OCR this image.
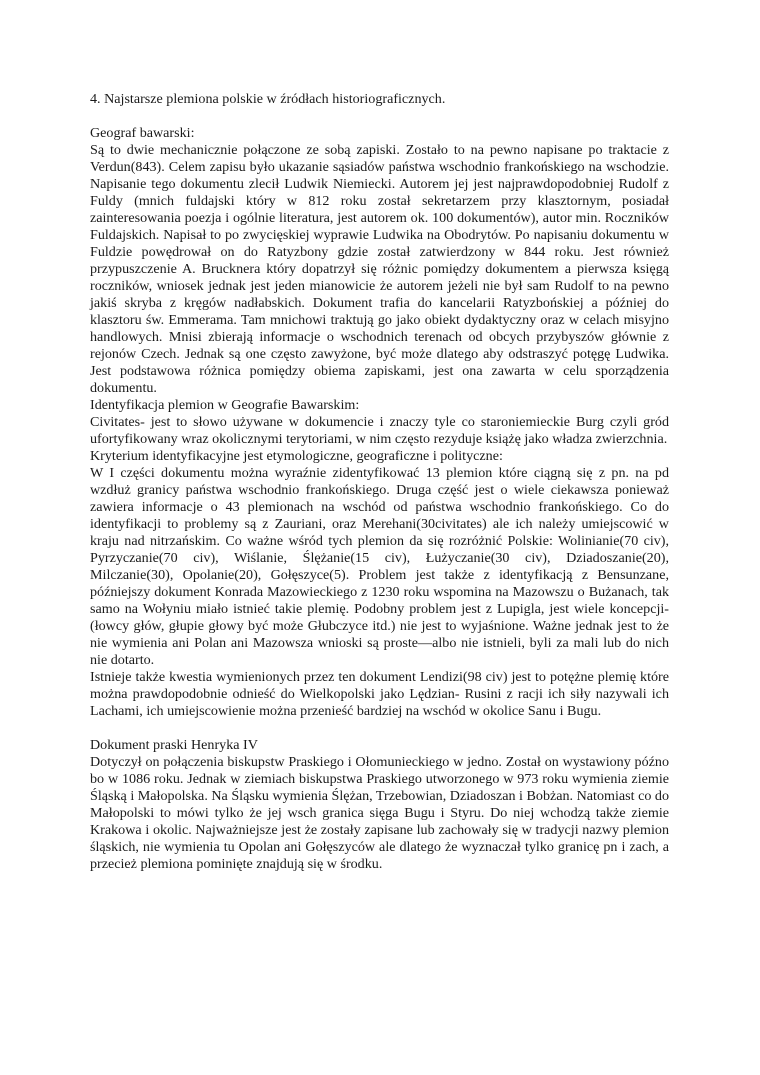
4. Najstarsze plemiona polskie w źródłach historiograficznych.

Geograf bawarski:

Są to dwie mechanicznie połączone ze sobą zapiski. Zostało to na pewno napisane po traktacie z Verdun(843). Celem zapisu było ukazanie sąsiadów państwa wschodnio frankońskiego na wschodzie. Napisanie tego dokumentu zlecił Ludwik Niemiecki. Autorem jej jest najprawdopodobniej Rudolf z Fuldy (mnich fuldajski który w 812 roku został sekretarzem przy klasztornym, posiadał zainteresowania poezja i ogólnie literatura, jest autorem ok. 100 dokumentów), autor min. Roczników Fuldajskich. Napisał to po zwycięskiej wyprawie Ludwika na Obodrytów. Po napisaniu dokumentu w Fuldzie powędrował on do Ratyzbony gdzie został zatwierdzony w 844 roku. Jest również przypuszczenie A. Brucknera który dopatrzył się różnic pomiędzy dokumentem a pierwsza księgą roczników, wniosek jednak jest jeden mianowicie że autorem jeżeli nie był sam Rudolf to na pewno jakiś skryba z kręgów nadłabskich. Dokument trafia do kancelarii Ratyzbońskiej a później do klasztoru św. Emmerama. Tam mnichowi traktują go jako obiekt dydaktyczny oraz w celach misyjno handlowych. Mnisi zbierają informacje o wschodnich terenach od obcych przybyszów głównie z rejonów Czech. Jednak są one często zawyżone, być może dlatego aby odstraszyć potęgę Ludwika. Jest podstawowa różnica pomiędzy obiema zapiskami, jest ona zawarta w celu sporządzenia dokumentu.

Identyfikacja plemion w Geografie Bawarskim:

Civitates- jest to słowo używane w dokumencie i znaczy tyle co staroniemieckie Burg czyli gród ufortyfikowany wraz okolicznymi terytoriami, w nim często rezyduje książę jako władza zwierzchnia.

Kryterium identyfikacyjne jest etymologiczne, geograficzne i polityczne:

W I części dokumentu można wyraźnie zidentyfikować 13 plemion które ciągną się z pn. na pd wzdłuż granicy państwa wschodnio frankońskiego. Druga część jest o wiele ciekawsza ponieważ zawiera informacje o 43 plemionach na wschód od państwa wschodnio frankońskiego. Co do identyfikacji to problemy są z Zauriani, oraz Merehani(30civitates) ale ich należy umiejscowić w kraju nad nitrzańskim. Co ważne wśród tych plemion da się rozróżnić Polskie: Wolinianie(70 civ), Pyrzyczanie(70 civ), Wiślanie, Ślężanie(15 civ), Łużyczanie(30 civ), Dziadoszanie(20), Milczanie(30), Opolanie(20), Gołęszyce(5). Problem jest także z identyfikacją z Bensunzane, późniejszy dokument Konrada Mazowieckiego z 1230 roku wspomina na Mazowszu o Bużanach, tak samo na Wołyniu miało istnieć takie plemię. Podobny problem jest z Lupigla, jest wiele koncepcji-(łowcy głów, głupie głowy być może Głubczyce itd.) nie jest to wyjaśnione. Ważne jednak jest to że nie wymienia ani Polan ani Mazowsza wnioski są proste—albo nie istnieli, byli za mali lub do nich nie dotarto.

Istnieje także kwestia wymienionych przez ten dokument Lendizi(98 civ) jest to potężne plemię które można prawdopodobnie odnieść do Wielkopolski jako Lędzian- Rusini z racji ich siły nazywali ich Lachami, ich umiejscowienie można przenieść bardziej na wschód w okolice Sanu i Bugu.

Dokument praski Henryka IV

Dotyczył on połączenia biskupstw Praskiego i Ołomunieckiego w jedno. Został on wystawiony późno bo w 1086 roku. Jednak w ziemiach biskupstwa Praskiego utworzonego w 973 roku wymienia ziemie Śląską i Małopolska. Na Śląsku wymienia Ślężan, Trzebowian, Dziadoszan i Bobżan. Natomiast co do Małopolski to mówi tylko że jej wsch granica sięga Bugu i Styru. Do niej wchodzą także ziemie Krakowa i okolic. Najważniejsze jest że zostały zapisane lub zachowały się w tradycji nazwy plemion śląskich, nie wymienia tu Opolan ani Gołęszyców ale dlatego że wyznaczał tylko granicę pn i zach, a przecież plemiona pominięte znajdują się w środku.
